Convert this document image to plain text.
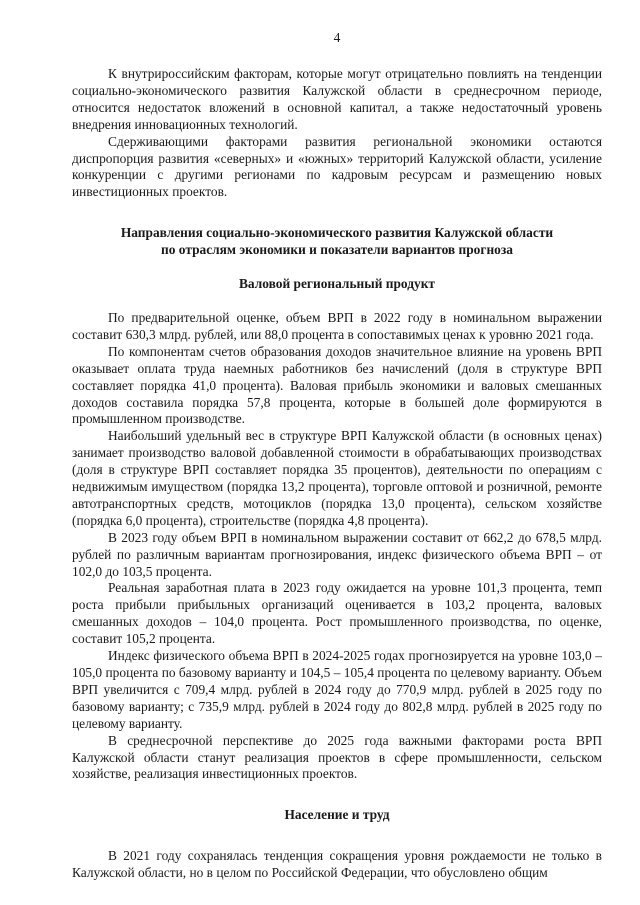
4

К внутрироссийским факторам, которые могут отрицательно повлиять на тенденции социально-экономического развития Калужской области в среднесрочном периоде, относится недостаток вложений в основной капитал, а также недостаточный уровень внедрения инновационных технологий.

Сдерживающими факторами развития региональной экономики остаются диспропорция развития «северных» и «южных» территорий Калужской области, усиление конкуренции с другими регионами по кадровым ресурсам и размещению новых инвестиционных проектов.

Направления социально-экономического развития Калужской области

по отраслям экономики и показатели вариантов прогноза

Валовой региональный продукт

По предварительной оценке, объем ВРП в 2022 году в номинальном выражении составит 630,3 млрд. рублей, или 88,0 процента в сопоставимых ценах к уровню 2021 года.

По компонентам счетов образования доходов значительное влияние на уровень ВРП оказывает оплата труда наемных работников без начислений (доля в структуре ВРП составляет порядка 41,0 процента). Валовая прибыль экономики и валовых смешанных доходов составила порядка 57,8 процента, которые в большей доле формируются в промышленном производстве.

Наибольший удельный вес в структуре ВРП Калужской области (в основных ценах) занимает производство валовой добавленной стоимости в обрабатывающих производствах (доля в структуре ВРП составляет порядка 35 процентов), деятельности по операциям с недвижимым имуществом (порядка 13,2 процента), торговле оптовой и розничной, ремонте автотранспортных средств, мотоциклов (порядка 13,0 процента), сельском хозяйстве (порядка 6,0 процента), строительстве (порядка 4,8 процента).

В 2023 году объем ВРП в номинальном выражении составит от 662,2 до 678,5 млрд. рублей по различным вариантам прогнозирования, индекс физического объема ВРП – от 102,0 до 103,5 процента.

Реальная заработная плата в 2023 году ожидается на уровне 101,3 процента, темп роста прибыли прибыльных организаций оценивается в 103,2 процента, валовых смешанных доходов – 104,0 процента. Рост промышленного производства, по оценке, составит 105,2 процента.

Индекс физического объема ВРП в 2024-2025 годах прогнозируется на уровне 103,0 – 105,0 процента по базовому варианту и 104,5 – 105,4 процента по целевому варианту. Объем ВРП увеличится с 709,4 млрд. рублей в 2024 году до 770,9 млрд. рублей в 2025 году по базовому варианту; с 735,9 млрд. рублей в 2024 году до 802,8 млрд. рублей в 2025 году по целевому варианту.

В среднесрочной перспективе до 2025 года важными факторами роста ВРП Калужской области станут реализация проектов в сфере промышленности, сельском хозяйстве, реализация инвестиционных проектов.

Население и труд

В 2021 году сохранялась тенденция сокращения уровня рождаемости не только в Калужской области, но в целом по Российской Федерации, что обусловлено общим
